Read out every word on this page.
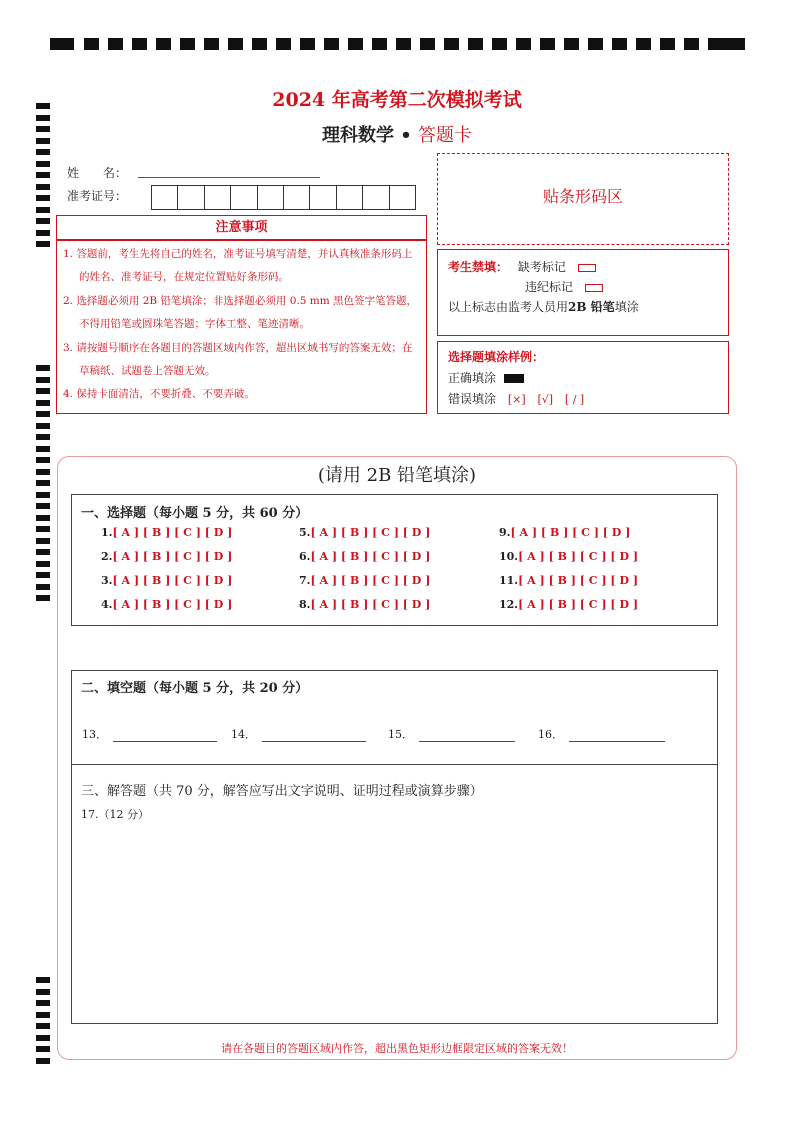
2024 年高考第二次模拟考试
理科数学 • 答题卡
姓　　名：
准考证号：	贴条形码区
注意事项
1. 答题前，考生先将自己的姓名，准考证号填写清楚，并认真核准条形码上的姓名、准考证号，在规定位置贴好条形码。
2. 选择题必须用 2B 铅笔填涂；非选择题必须用 0.5 mm 黑色签字笔答题，不得用铅笔或圆珠笔答题；字体工整、笔迹清晰。
3. 请按题号顺序在各题目的答题区域内作答，超出区域书写的答案无效；在草稿纸、试题卷上答题无效。
4. 保持卡面清洁，不要折叠、不要弄破。
考生禁填： 缺考标记
违纪标记
以上标志由监考人员用2B 铅笔填涂
选择题填涂样例：
正确填涂
错误填涂 [×] [√] [ / ]
(请用 2B 铅笔填涂)
一、选择题（每小题 5 分，共 60 分）
1.[ A ] [ B ] [ C ] [ D ]
2.[ A ] [ B ] [ C ] [ D ]
3.[ A ] [ B ] [ C ] [ D ]
4.[ A ] [ B ] [ C ] [ D ]
5.[ A ] [ B ] [ C ] [ D ]
6.[ A ] [ B ] [ C ] [ D ]
7.[ A ] [ B ] [ C ] [ D ]
8.[ A ] [ B ] [ C ] [ D ]
9.[ A ] [ B ] [ C ] [ D ]
10.[ A ] [ B ] [ C ] [ D ]
11.[ A ] [ B ] [ C ] [ D ]
12.[ A ] [ B ] [ C ] [ D ]
二、填空题（每小题 5 分，共 20 分）
13．	14．	15．	16．
三、解答题（共 70 分，解答应写出文字说明、证明过程或演算步骤）
17.（12 分）
请在各题目的答题区域内作答，超出黑色矩形边框限定区域的答案无效！
